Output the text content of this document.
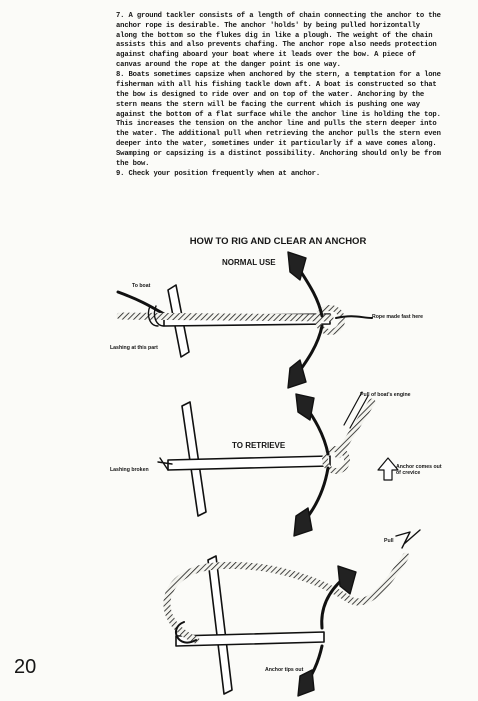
7. A ground tackler consists of a length of chain connecting the anchor to the anchor rope is desirable. The anchor 'holds' by being pulled horizontally along the bottom so the flukes dig in like a plough. The weight of the chain assists this and also prevents chafing. The anchor rope also needs protection against chafing aboard your boat where it leads over the bow. A piece of canvas around the rope at the danger point is one way.

8. Boats sometimes capsize when anchored by the stern, a temptation for a lone fisherman with all his fishing tackle down aft. A boat is constructed so that the bow is designed to ride over and on top of the water. Anchoring by the stern means the stern will be facing the current which is pushing one way against the bottom of a flat surface while the anchor line is holding the top. This increases the tension on the anchor line and pulls the stern deeper into the water. The additional pull when retrieving the anchor pulls the stern even deeper into the water, sometimes under it particularly if a wave comes along. Swamping or capsizing is a distinct possibility. Anchoring should only be from the bow.

9. Check your position frequently when at anchor.

HOW TO RIG AND CLEAR AN ANCHOR
NORMAL USE
TO RETRIEVE
To boat
Lashing at this part
Rope made fast here
Pull of boat's engine
Lashing broken	Anchor comes out of crevice
Pull
Anchor tips out
20
